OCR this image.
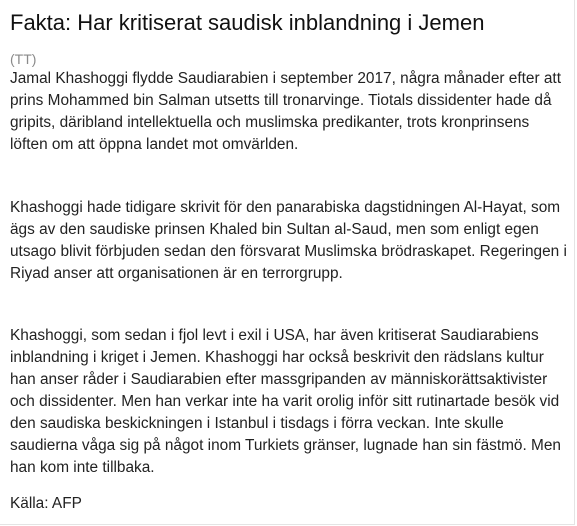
Fakta: Har kritiserat saudisk inblandning i Jemen
(TT)

Jamal Khashoggi flydde Saudiarabien i september 2017, några månader efter att prins Mohammed bin Salman utsetts till tronarvinge. Tiotals dissidenter hade då gripits, däribland intellektuella och muslimska predikanter, trots kronprinsens löften om att öppna landet mot omvärlden.

Khashoggi hade tidigare skrivit för den panarabiska dagstidningen Al-Hayat, som ägs av den saudiske prinsen Khaled bin Sultan al-Saud, men som enligt egen utsago blivit förbjuden sedan den försvarat Muslimska brödraskapet. Regeringen i Riyad anser att organisationen är en terrorgrupp.

Khashoggi, som sedan i fjol levt i exil i USA, har även kritiserat Saudiarabiens inblandning i kriget i Jemen. Khashoggi har också beskrivit den rädslans kultur han anser råder i Saudiarabien efter massgripanden av människorättsaktivister och dissidenter. Men han verkar inte ha varit orolig inför sitt rutinartade besök vid den saudiska beskickningen i Istanbul i tisdags i förra veckan. Inte skulle saudierna våga sig på något inom Turkiets gränser, lugnade han sin fästmö. Men han kom inte tillbaka.

Källa: AFP
